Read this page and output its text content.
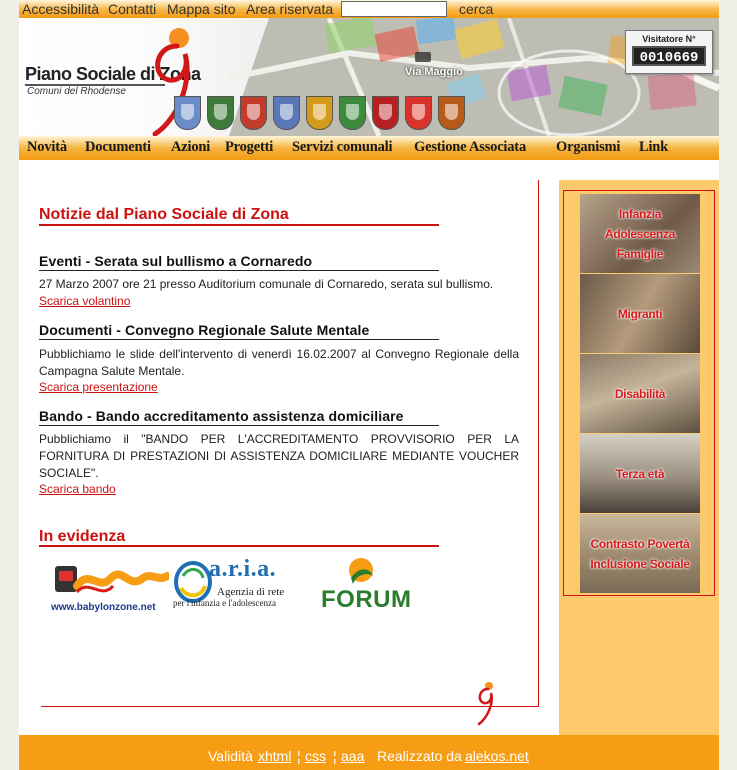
Accessibilità Contatti Mappa sito Area riservata	cerca
Via Maggio
Piano Sociale di Zona
Comuni del Rhodense
Visitatore N°
0010669
Novità Documenti Azioni Progetti Servizi comunali Gestione Associata Organismi Link
Notizie dal Piano Sociale di Zona
Eventi - Serata sul bullismo a Cornaredo
27 Marzo 2007 ore 21 presso Auditorium comunale di Cornaredo, serata sul bullismo.
Scarica volantino
Documenti - Convegno Regionale Salute Mentale
Pubblichiamo le slide dell'intervento di venerdì 16.02.2007 al Convegno Regionale della Campagna Salute Mentale.
Scarica presentazione
Bando - Bando accreditamento assistenza domiciliare
Pubblichiamo il "BANDO PER L'ACCREDITAMENTO PROVVISORIO PER LA FORNITURA DI PRESTAZIONI DI ASSISTENZA DOMICILIARE MEDIANTE VOUCHER SOCIALE".
Scarica bando
In evidenza
www.babylonzone.net
a.r.i.a.
Agenzia di rete
per l'infanzia e l'adolescenza FORUM
Infanzia
Adolescenza
Famiglie
Migranti
Disabilità
Terza età
Contrasto Povertà
Inclusione Sociale
Validità xhtml ¦ css ¦ aaa Realizzato da alekos.net
